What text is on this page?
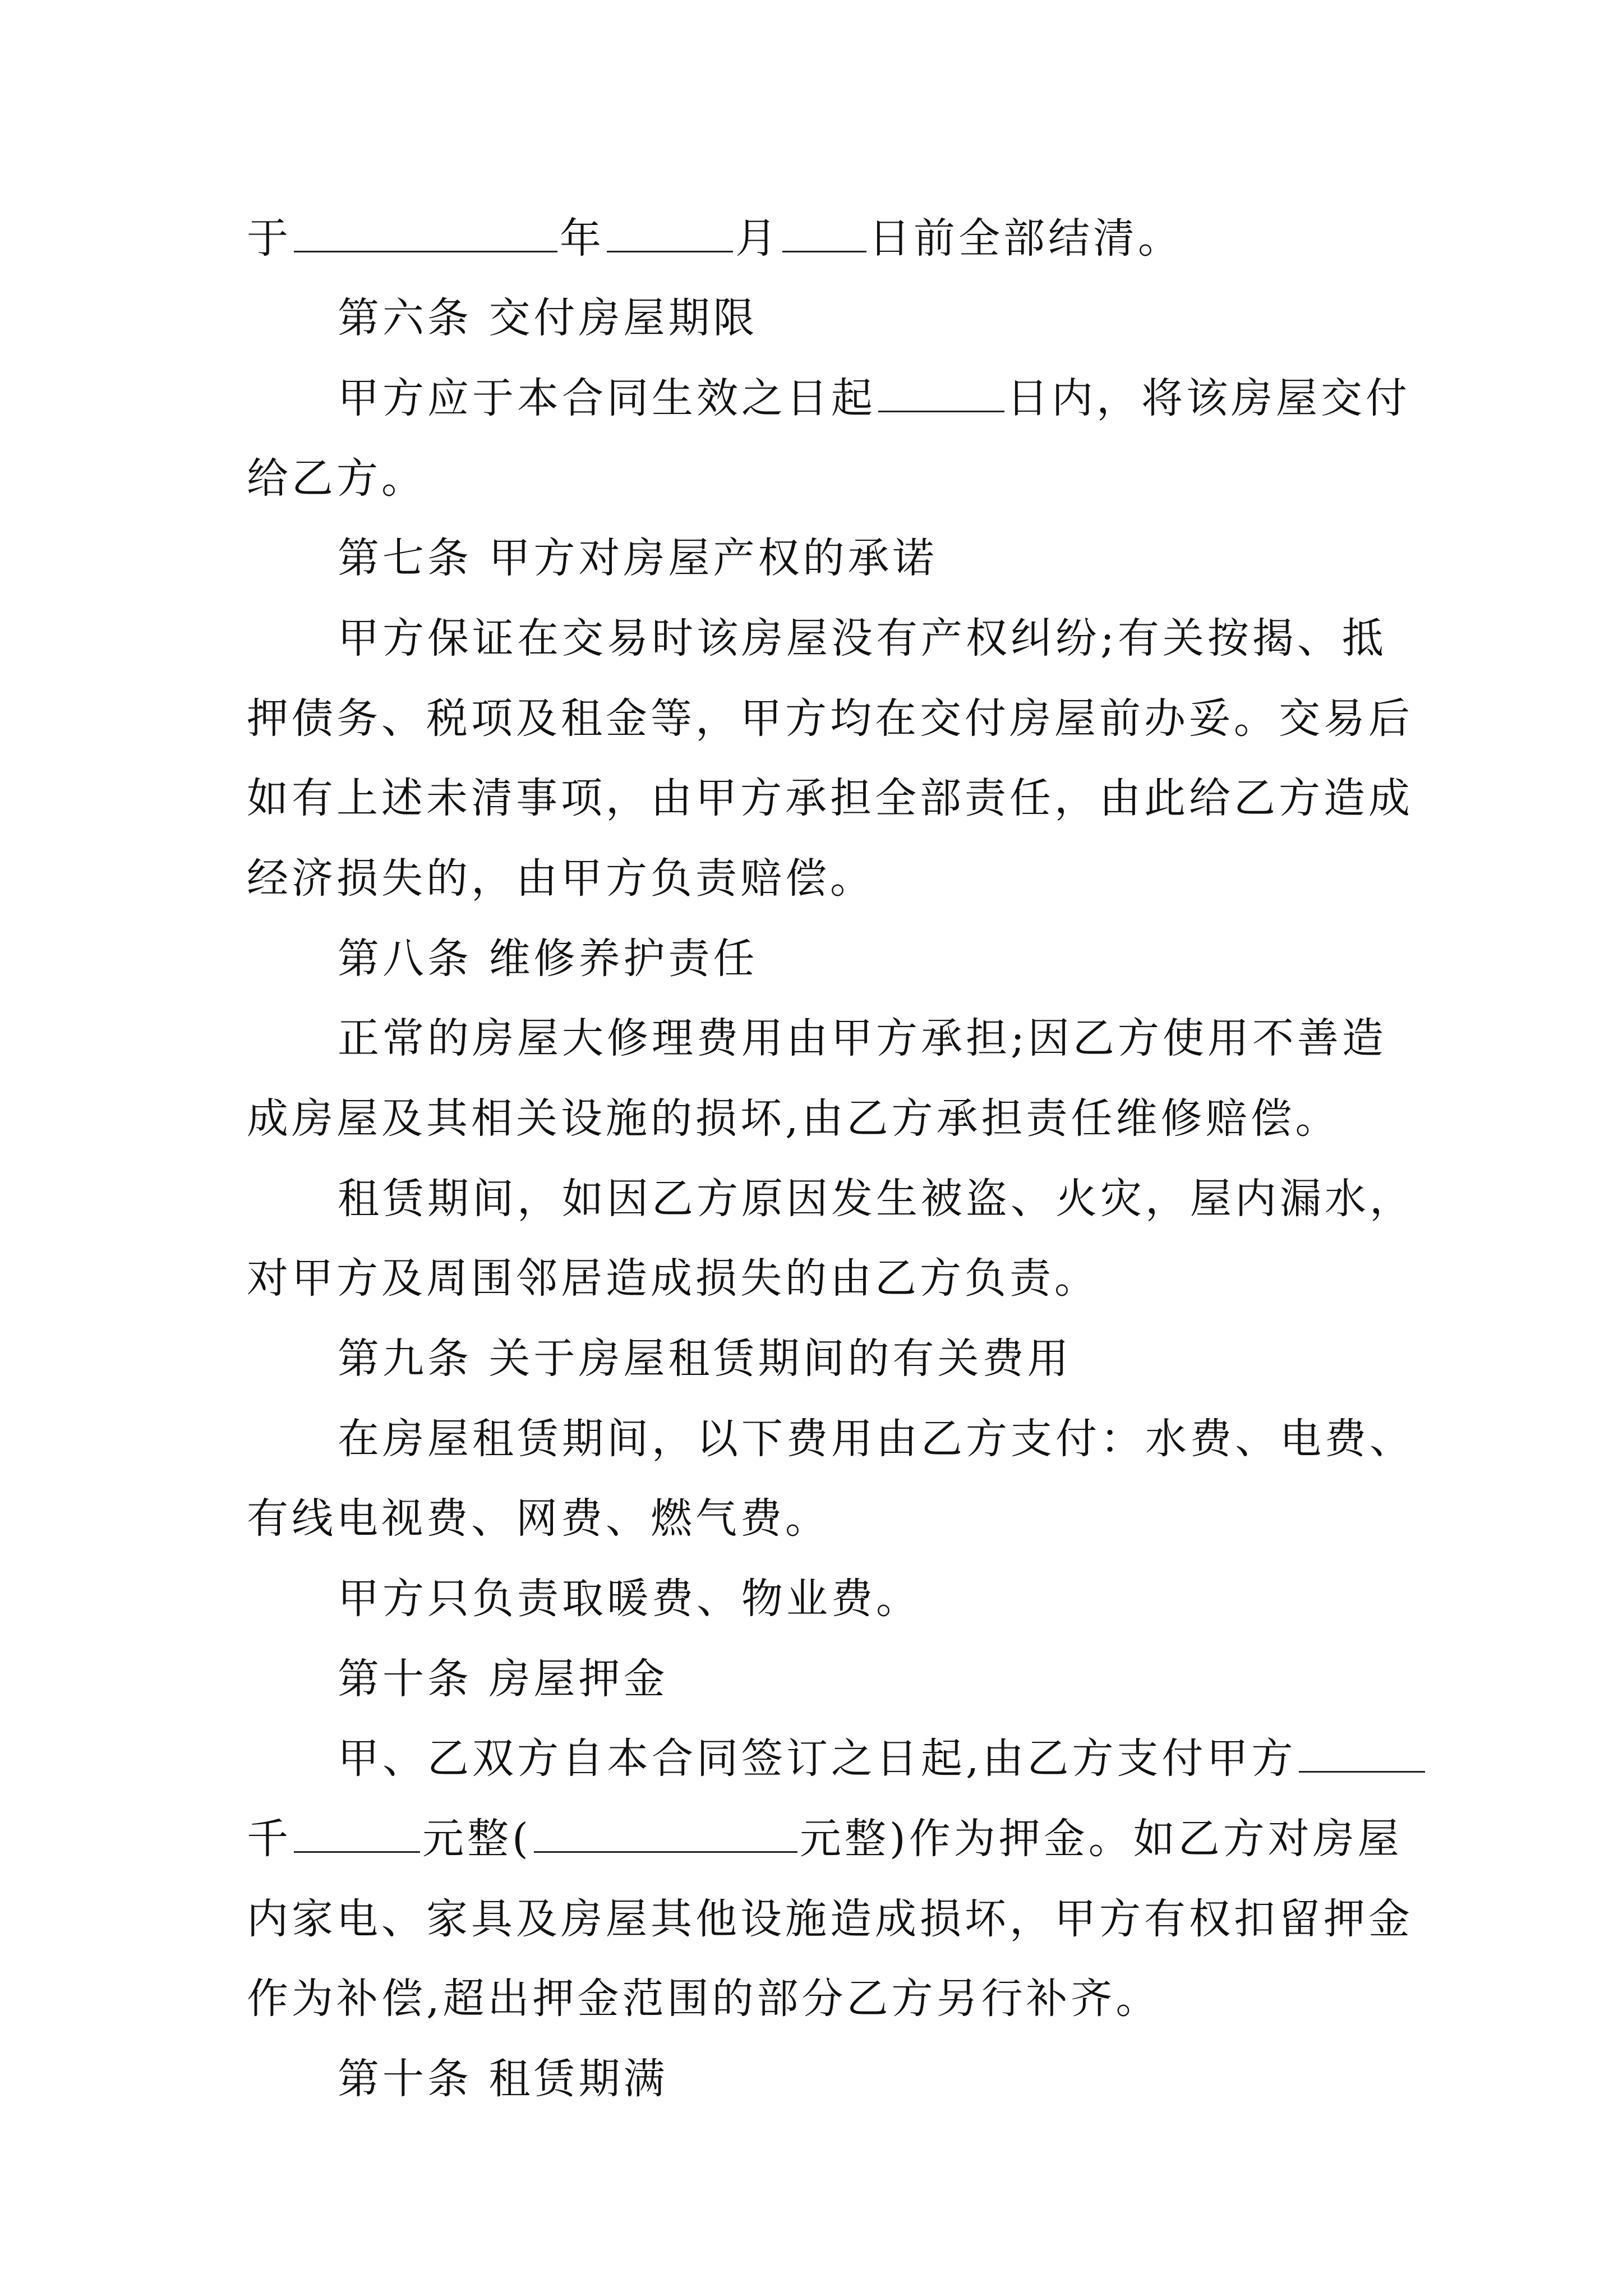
于	年	月 日前全部结清。
第六条 交付房屋期限
甲方应于本合同生效之日起	日内，将该房屋交付
给乙方。
第七条 甲方对房屋产权的承诺
甲方保证在交易时该房屋没有产权纠纷;有关按揭、抵
押债务、税项及租金等，甲方均在交付房屋前办妥。交易后
如有上述未清事项，由甲方承担全部责任，由此给乙方造成
经济损失的，由甲方负责赔偿。
第八条 维修养护责任
正常的房屋大修理费用由甲方承担;因乙方使用不善造
成房屋及其相关设施的损坏,由乙方承担责任维修赔偿。
租赁期间，如因乙方原因发生被盗、火灾，屋内漏水，
对甲方及周围邻居造成损失的由乙方负责。
第九条 关于房屋租赁期间的有关费用
在房屋租赁期间，以下费用由乙方支付：水费、电费、
有线电视费、网费、燃气费。
甲方只负责取暖费、物业费。
第十条 房屋押金
甲、乙双方自本合同签订之日起,由乙方支付甲方
千	元整(	元整)作为押金。如乙方对房屋
内家电、家具及房屋其他设施造成损坏，甲方有权扣留押金
作为补偿,超出押金范围的部分乙方另行补齐。
第十条 租赁期满
